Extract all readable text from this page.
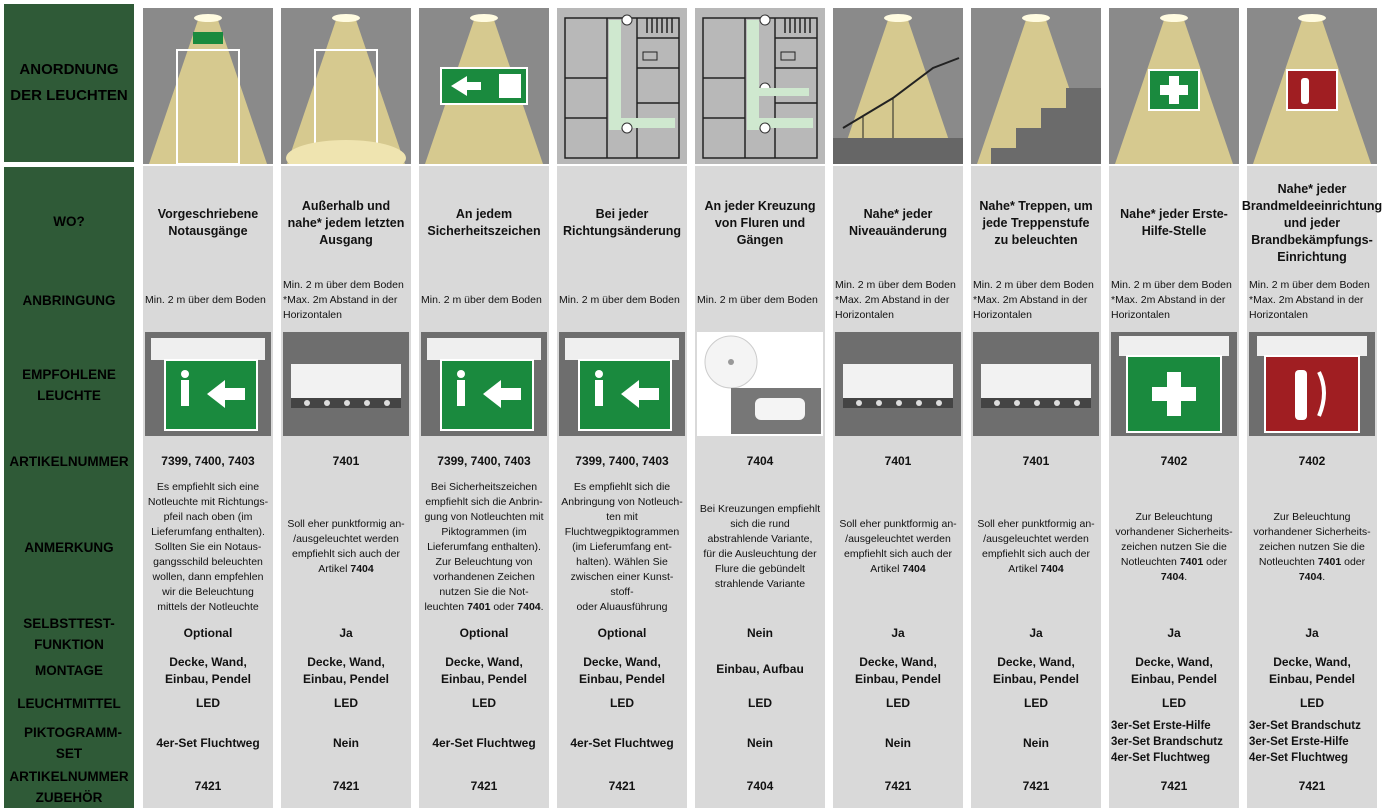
ANORDNUNG DER LEUCHTEN
WO?
ANBRINGUNG
EMPFOHLENE LEUCHTE
ARTIKELNUMMER
ANMERKUNG
SELBSTTEST-FUNKTION
MONTAGE
LEUCHTMITTEL
PIKTOGRAMM-SET
ARTIKELNUMMER ZUBEHÖR
Vorgeschriebene Notausgänge
Min. 2 m über dem Boden
7399, 7400, 7403
Es empfiehlt sich eine
Notleuchte mit Richtungs-
pfeil nach oben (im
Lieferumfang enthalten).
Sollten Sie ein Notaus-
gangsschild beleuchten
wollen, dann empfehlen
wir die Beleuchtung
mittels der Notleuchte
Optional
Decke, Wand, Einbau, Pendel
LED
4er-Set Fluchtweg
7421
Außerhalb und nahe* jedem letzten Ausgang
Min. 2 m über dem Boden
*Max. 2m Abstand in der
Horizontalen
7401
Soll eher punktformig an-
/ausgeleuchtet werden
empfiehlt sich auch der
Artikel 7404
Ja
Decke, Wand, Einbau, Pendel
LED
Nein
7421
An jedem Sicherheitszeichen
Min. 2 m über dem Boden
7399, 7400, 7403
Bei Sicherheitszeichen
empfiehlt sich die Anbrin-
gung von Notleuchten mit
Piktogrammen (im
Lieferumfang enthalten).
Zur Beleuchtung von
vorhandenen Zeichen
nutzen Sie die Not-
leuchten 7401 oder 7404.
Optional
Decke, Wand, Einbau, Pendel
LED
4er-Set Fluchtweg
7421
Bei jeder Richtungsänderung
Min. 2 m über dem Boden
7399, 7400, 7403
Es empfiehlt sich die
Anbringung von Notleuch-
ten mit
Fluchtwegpiktogrammen
(im Lieferumfang ent-
halten). Wählen Sie
zwischen einer Kunst-stoff-
oder Aluausführung
Optional
Decke, Wand, Einbau, Pendel
LED
4er-Set Fluchtweg
7421
An jeder Kreuzung von Fluren und Gängen
Min. 2 m über dem Boden
7404
Bei Kreuzungen empfiehlt
sich die rund
abstrahlende Variante,
für die Ausleuchtung der
Flure die gebündelt
strahlende Variante
Nein
Einbau, Aufbau
LED
Nein
7404
Nahe* jeder Niveauänderung
Min. 2 m über dem Boden
*Max. 2m Abstand in der
Horizontalen
7401
Soll eher punktformig an-
/ausgeleuchtet werden
empfiehlt sich auch der
Artikel 7404
Ja
Decke, Wand, Einbau, Pendel
LED
Nein
7421
Nahe* Treppen, um jede Treppenstufe zu beleuchten
Min. 2 m über dem Boden
*Max. 2m Abstand in der
Horizontalen
7401
Soll eher punktformig an-
/ausgeleuchtet werden
empfiehlt sich auch der
Artikel 7404
Ja
Decke, Wand, Einbau, Pendel
LED
Nein
7421
Nahe* jeder Erste-Hilfe-Stelle
Min. 2 m über dem Boden
*Max. 2m Abstand in der
Horizontalen
7402
Zur Beleuchtung
vorhandener Sicherheits-
zeichen nutzen Sie die
Notleuchten 7401 oder
7404.
Ja
Decke, Wand, Einbau, Pendel
LED
3er-Set Erste-Hilfe
3er-Set Brandschutz
4er-Set Fluchtweg
7421
Nahe* jeder Brandmeldeeinrichtung und jeder Brandbekämpfungs-Einrichtung
Min. 2 m über dem Boden
*Max. 2m Abstand in der
Horizontalen
7402
Zur Beleuchtung
vorhandener Sicherheits-
zeichen nutzen Sie die
Notleuchten 7401 oder
7404.
Ja
Decke, Wand, Einbau, Pendel
LED
3er-Set Brandschutz
3er-Set Erste-Hilfe
4er-Set Fluchtweg
7421
